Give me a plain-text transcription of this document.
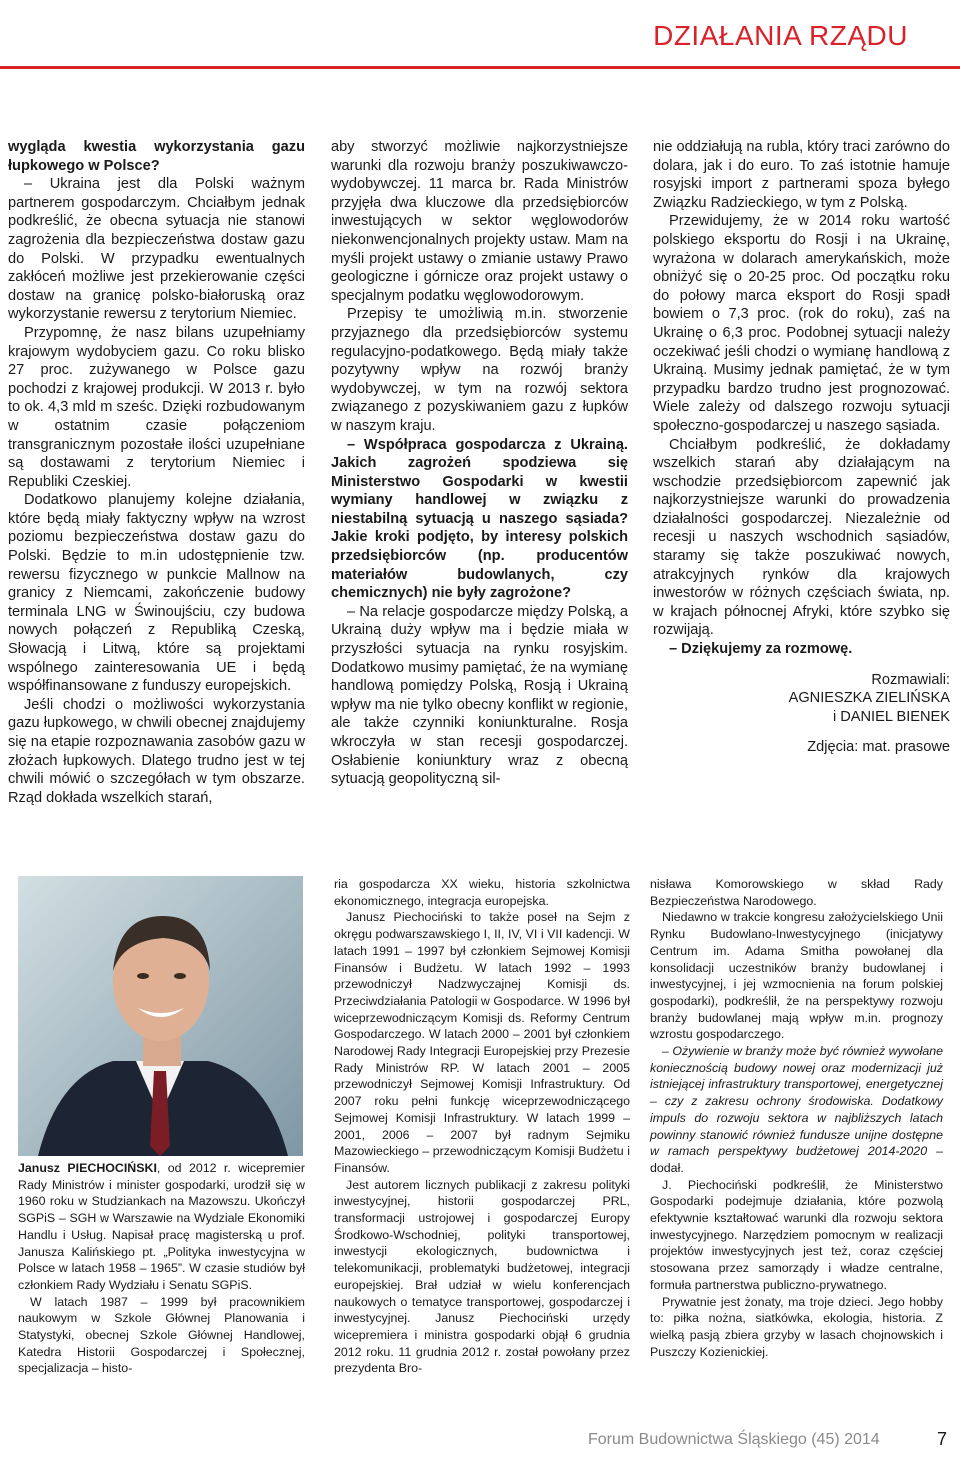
DZIAŁANIA RZĄDU

wygląda kwestia wykorzystania gazu łupkowego w Polsce?

– Ukraina jest dla Polski ważnym partnerem gospodarczym. Chciałbym jednak podkreślić, że obecna sytuacja nie stanowi zagrożenia dla bezpieczeństwa dostaw gazu do Polski. W przypadku ewentualnych zakłóceń możliwe jest przekierowanie części dostaw na granicę polsko-białoruską oraz wykorzystanie rewersu z terytorium Niemiec.

Przypomnę, że nasz bilans uzupełniamy krajowym wydobyciem gazu. Co roku blisko 27 proc. zużywanego w Polsce gazu pochodzi z krajowej produkcji. W 2013 r. było to ok. 4,3 mld m sześc. Dzięki rozbudowanym w ostatnim czasie połączeniom transgranicznym pozostałe ilości uzupełniane są dostawami z terytorium Niemiec i Republiki Czeskiej.

Dodatkowo planujemy kolejne działania, które będą miały faktyczny wpływ na wzrost poziomu bezpieczeństwa dostaw gazu do Polski. Będzie to m.in udostępnienie tzw. rewersu fizycznego w punkcie Mallnow na granicy z Niemcami, zakończenie budowy terminala LNG w Świnoujściu, czy budowa nowych połączeń z Republiką Czeską, Słowacją i Litwą, które są projektami wspólnego zainteresowania UE i będą współfinansowane z funduszy europejskich.

Jeśli chodzi o możliwości wykorzystania gazu łupkowego, w chwili obecnej znajdujemy się na etapie rozpoznawania zasobów gazu w złożach łupkowych. Dlatego trudno jest w tej chwili mówić o szczegółach w tym obszarze. Rząd dokłada wszelkich starań,

aby stworzyć możliwie najkorzystniejsze warunki dla rozwoju branży poszukiwawczo-wydobywczej. 11 marca br. Rada Ministrów przyjęła dwa kluczowe dla przedsiębiorców inwestujących w sektor węglowodorów niekonwencjonalnych projekty ustaw. Mam na myśli projekt ustawy o zmianie ustawy Prawo geologiczne i górnicze oraz projekt ustawy o specjalnym podatku węglowodorowym.

Przepisy te umożliwią m.in. stworzenie przyjaznego dla przedsiębiorców systemu regulacyjno-podatkowego. Będą miały także pozytywny wpływ na rozwój branży wydobywczej, w tym na rozwój sektora związanego z pozyskiwaniem gazu z łupków w naszym kraju.

– Współpraca gospodarcza z Ukrainą. Jakich zagrożeń spodziewa się Ministerstwo Gospodarki w kwestii wymiany handlowej w związku z niestabilną sytuacją u naszego sąsiada? Jakie kroki podjęto, by interesy polskich przedsiębiorców (np. producentów materiałów budowlanych, czy chemicznych) nie były zagrożone?

– Na relacje gospodarcze między Polską, a Ukrainą duży wpływ ma i będzie miała w przyszłości sytuacja na rynku rosyjskim. Dodatkowo musimy pamiętać, że na wymianę handlową pomiędzy Polską, Rosją i Ukrainą wpływ ma nie tylko obecny konflikt w regionie, ale także czynniki koniunkturalne. Rosja wkroczyła w stan recesji gospodarczej. Osłabienie koniunktury wraz z obecną sytuacją geopolityczną sil-

nie oddziałują na rubla, który traci zarówno do dolara, jak i do euro. To zaś istotnie hamuje rosyjski import z partnerami spoza byłego Związku Radzieckiego, w tym z Polską.

Przewidujemy, że w 2014 roku wartość polskiego eksportu do Rosji i na Ukrainę, wyrażona w dolarach amerykańskich, może obniżyć się o 20-25 proc. Od początku roku do połowy marca eksport do Rosji spadł bowiem o 7,3 proc. (rok do roku), zaś na Ukrainę o 6,3 proc. Podobnej sytuacji należy oczekiwać jeśli chodzi o wymianę handlową z Ukrainą. Musimy jednak pamiętać, że w tym przypadku bardzo trudno jest prognozować. Wiele zależy od dalszego rozwoju sytuacji społeczno-gospodarczej u naszego sąsiada.

Chciałbym podkreślić, że dokładamy wszelkich starań aby działającym na wschodzie przedsiębiorcom zapewnić jak najkorzystniejsze warunki do prowadzenia działalności gospodarczej. Niezależnie od recesji u naszych wschodnich sąsiadów, staramy się także poszukiwać nowych, atrakcyjnych rynków dla krajowych inwestorów w różnych częściach świata, np. w krajach północnej Afryki, które szybko się rozwijają.

– Dziękujemy za rozmowę.

Rozmawiali:

AGNIESZKA ZIELIŃSKA

i DANIEL BIENEK

Zdjęcia: mat. prasowe

Janusz PIECHOCIŃSKI, od 2012 r. wicepremier Rady Ministrów i minister gospodarki, urodził się w 1960 roku w Studziankach na Mazowszu. Ukończył SGPiS – SGH w Warszawie na Wydziale Ekonomiki Handlu i Usług. Napisał pracę magisterską u prof. Janusza Kalińskiego pt. „Polityka inwestycyjna w Polsce w latach 1958 – 1965”. W czasie studiów był członkiem Rady Wydziału i Senatu SGPiS.

W latach 1987 – 1999 był pracownikiem naukowym w Szkole Głównej Planowania i Statystyki, obecnej Szkole Głównej Handlowej, Katedra Historii Gospodarczej i Społecznej, specjalizacja – histo-

ria gospodarcza XX wieku, historia szkolnictwa ekonomicznego, integracja europejska.

Janusz Piechociński to także poseł na Sejm z okręgu podwarszawskiego I, II, IV, VI i VII kadencji. W latach 1991 – 1997 był członkiem Sejmowej Komisji Finansów i Budżetu. W latach 1992 – 1993 przewodniczył Nadzwyczajnej Komisji ds. Przeciwdziałania Patologii w Gospodarce. W 1996 był wiceprzewodniczącym Komisji ds. Reformy Centrum Gospodarczego. W latach 2000 – 2001 był członkiem Narodowej Rady Integracji Europejskiej przy Prezesie Rady Ministrów RP. W latach 2001 – 2005 przewodniczył Sejmowej Komisji Infrastruktury. Od 2007 roku pełni funkcję wiceprzewodniczącego Sejmowej Komisji Infrastruktury. W latach 1999 – 2001, 2006 – 2007 był radnym Sejmiku Mazowieckiego – przewodniczącym Komisji Budżetu i Finansów.

Jest autorem licznych publikacji z zakresu polityki inwestycyjnej, historii gospodarczej PRL, transformacji ustrojowej i gospodarczej Europy Środkowo-Wschodniej, polityki transportowej, inwestycji ekologicznych, budownictwa i telekomunikacji, problematyki budżetowej, integracji europejskiej. Brał udział w wielu konferencjach naukowych o tematyce transportowej, gospodarczej i inwestycyjnej. Janusz Piechociński urzędy wicepremiera i ministra gospodarki objął 6 grudnia 2012 roku. 11 grudnia 2012 r. został powołany przez prezydenta Bro-

nisława Komorowskiego w skład Rady Bezpieczeństwa Narodowego.

Niedawno w trakcie kongresu założycielskiego Unii Rynku Budowlano-Inwestycyjnego (inicjatywy Centrum im. Adama Smitha powołanej dla konsolidacji uczestników branży budowlanej i inwestycyjnej, i jej wzmocnienia na forum polskiej gospodarki), podkreślił, że na perspektywy rozwoju branży budowlanej mają wpływ m.in. prognozy wzrostu gospodarczego.

– Ożywienie w branży może być również wywołane koniecznością budowy nowej oraz modernizacji już istniejącej infrastruktury transportowej, energetycznej – czy z zakresu ochrony środowiska. Dodatkowy impuls do rozwoju sektora w najbliższych latach powinny stanowić również fundusze unijne dostępne w ramach perspektywy budżetowej 2014-2020 – dodał.

J. Piechociński podkreślił, że Ministerstwo Gospodarki podejmuje działania, które pozwolą efektywnie kształtować warunki dla rozwoju sektora inwestycyjnego. Narzędziem pomocnym w realizacji projektów inwestycyjnych jest też, coraz częściej stosowana przez samorządy i władze centralne, formuła partnerstwa publiczno-prywatnego.

Prywatnie jest żonaty, ma troje dzieci. Jego hobby to: piłka nożna, siatkówka, ekologia, historia. Z wielką pasją zbiera grzyby w lasach chojnowskich i Puszczy Kozienickiej.

Forum Budownictwa Śląskiego (45) 2014	7
